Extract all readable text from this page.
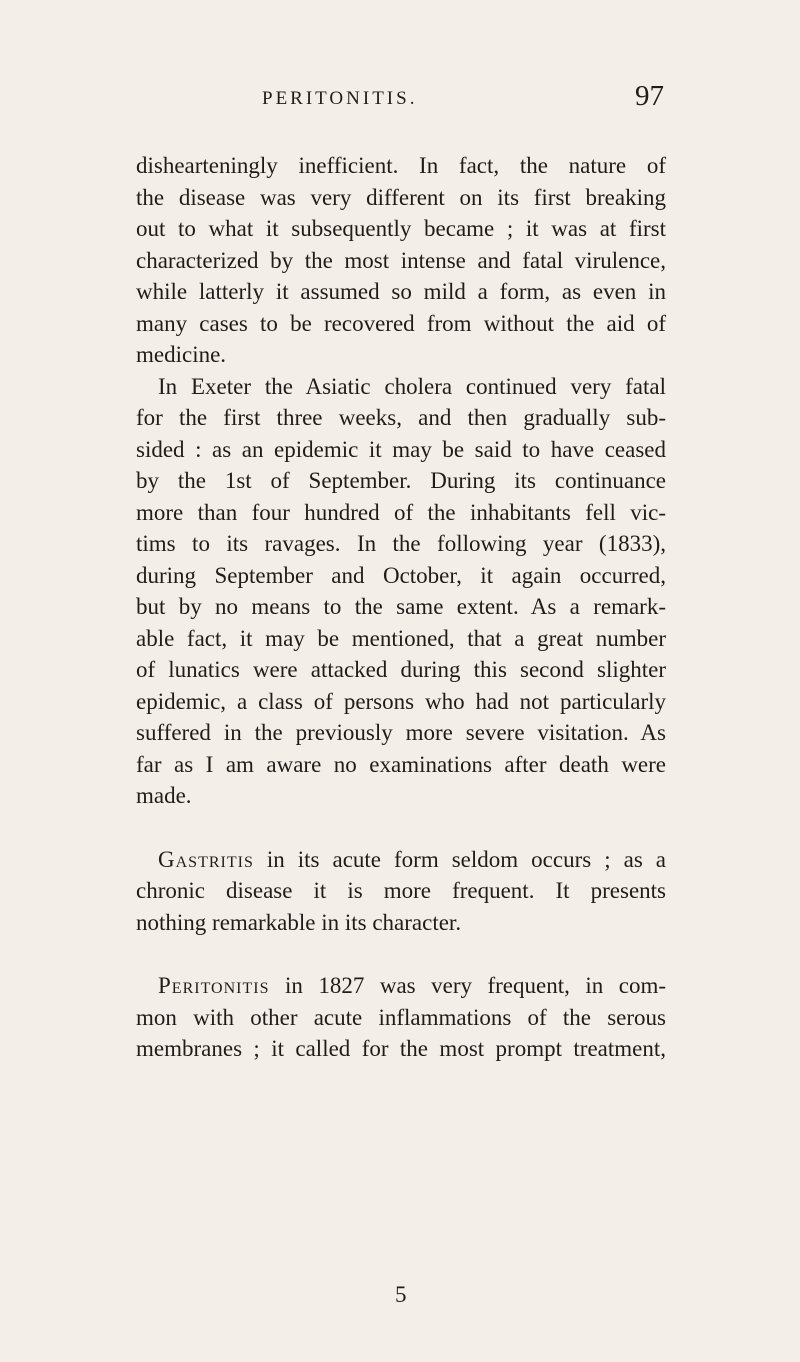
PERITONITIS.	97
dishearteningly inefficient. In fact, the nature of
the disease was very different on its first breaking
out to what it subsequently became ; it was at first
characterized by the most intense and fatal virulence,
while latterly it assumed so mild a form, as even in
many cases to be recovered from without the aid of
medicine.
In Exeter the Asiatic cholera continued very fatal
for the first three weeks, and then gradually sub-
sided : as an epidemic it may be said to have ceased
by the 1st of September. During its continuance
more than four hundred of the inhabitants fell vic-
tims to its ravages. In the following year (1833),
during September and October, it again occurred,
but by no means to the same extent. As a remark-
able fact, it may be mentioned, that a great number
of lunatics were attacked during this second slighter
epidemic, a class of persons who had not particularly
suffered in the previously more severe visitation. As
far as I am aware no examinations after death were
made.
Gastritis in its acute form seldom occurs ; as a
chronic disease it is more frequent. It presents
nothing remarkable in its character.
Peritonitis in 1827 was very frequent, in com-
mon with other acute inflammations of the serous
membranes ; it called for the most prompt treatment,
5
